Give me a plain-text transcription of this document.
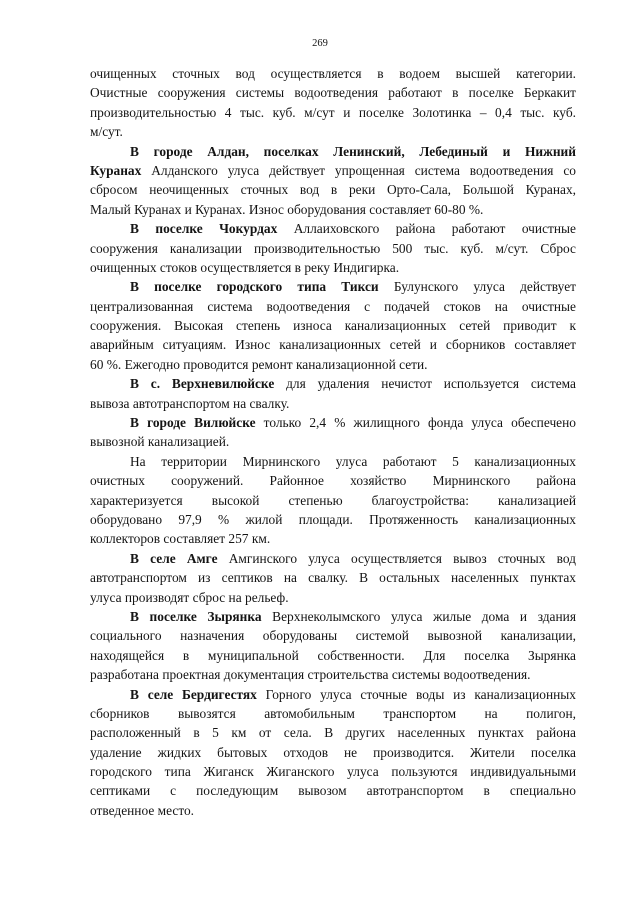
269
очищенных сточных вод осуществляется в водоем высшей категории.
Очистные сооружения системы водоотведения работают в поселке Беркакит
производительностью 4 тыс. куб. м/сут и поселке Золотинка – 0,4 тыс. куб.
м/сут.
В городе Алдан, поселках Ленинский, Лебединый и Нижний
Куранах Алданского улуса действует упрощенная система водоотведения со
сбросом неочищенных сточных вод в реки Орто-Сала, Большой Куранах,
Малый Куранах и Куранах. Износ оборудования составляет 60-80 %.
В поселке Чокурдах Аллаиховского района работают очистные
сооружения канализации производительностью 500 тыс. куб. м/сут. Сброс
очищенных стоков осуществляется в реку Индигирка.
В поселке городского типа Тикси Булунского улуса действует
централизованная система водоотведения с подачей стоков на очистные
сооружения. Высокая степень износа канализационных сетей приводит к
аварийным ситуациям. Износ канализационных сетей и сборников составляет
60 %. Ежегодно проводится ремонт канализационной сети.
В с. Верхневилюйске для удаления нечистот используется система
вывоза автотранспортом на свалку.
В городе Вилюйске только 2,4 % жилищного фонда улуса обеспечено
вывозной канализацией.
На территории Мирнинского улуса работают 5 канализационных
очистных сооружений. Районное хозяйство Мирнинского района
характеризуется высокой степенью благоустройства: канализацией
оборудовано 97,9 % жилой площади. Протяженность канализационных
коллекторов составляет 257 км.
В селе Амге Амгинского улуса осуществляется вывоз сточных вод
автотранспортом из септиков на свалку. В остальных населенных пунктах
улуса производят сброс на рельеф.
В поселке Зырянка Верхнеколымского улуса жилые дома и здания
социального назначения оборудованы системой вывозной канализации,
находящейся в муниципальной собственности. Для поселка Зырянка
разработана проектная документация строительства системы водоотведения.
В селе Бердигестях Горного улуса сточные воды из канализационных
сборников вывозятся автомобильным транспортом на полигон,
расположенный в 5 км от села. В других населенных пунктах района
удаление жидких бытовых отходов не производится. Жители поселка
городского типа Жиганск Жиганского улуса пользуются индивидуальными
септиками с последующим вывозом автотранспортом в специально
отведенное место.
